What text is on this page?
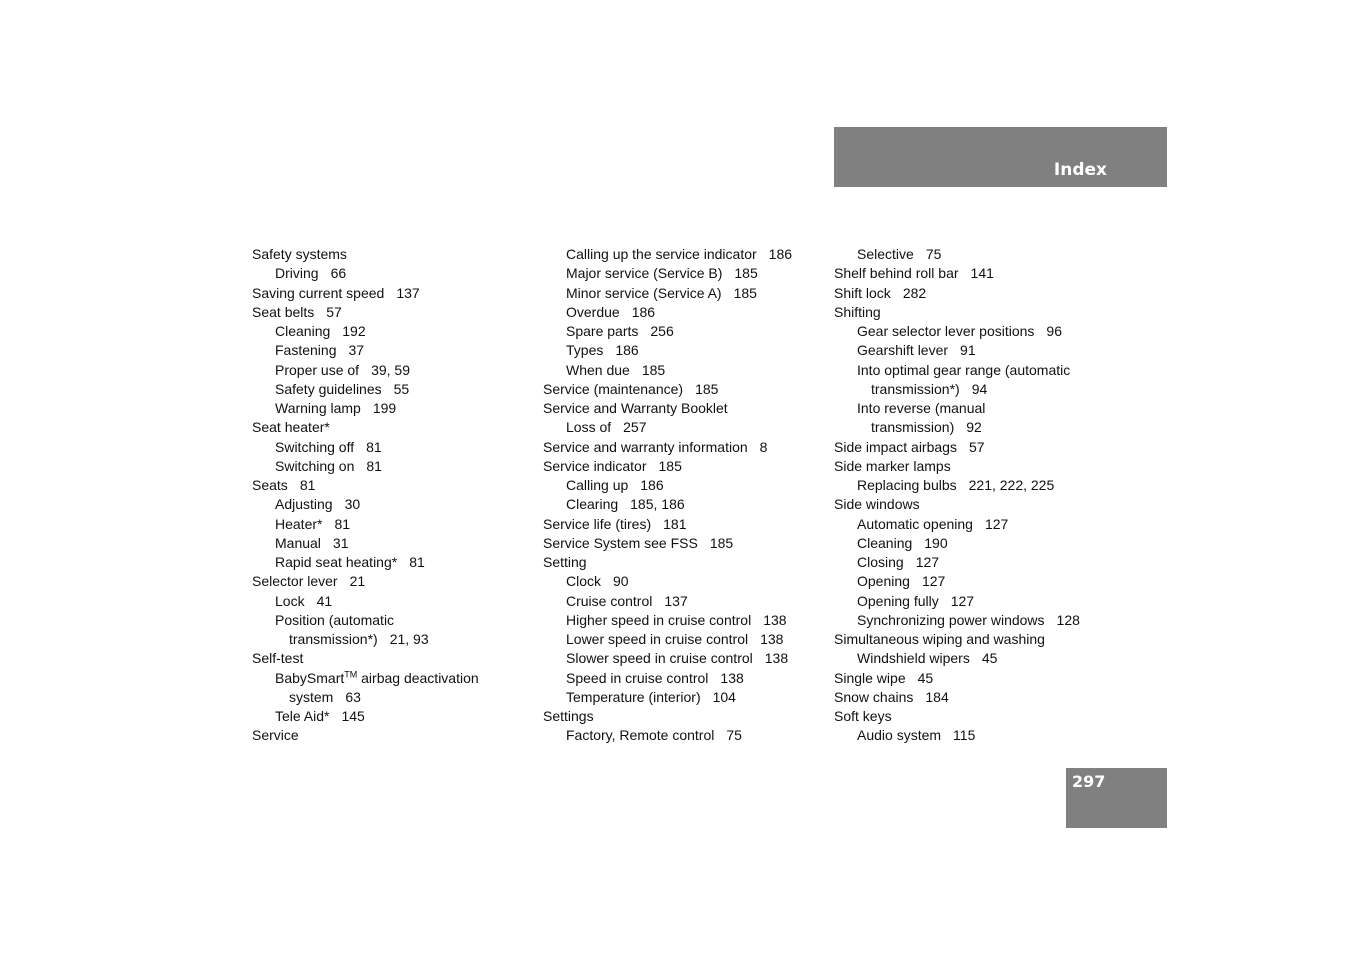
Index
Safety systems
Driving 66
Saving current speed 137
Seat belts 57
Cleaning 192
Fastening 37
Proper use of 39, 59
Safety guidelines 55
Warning lamp 199
Seat heater*
Switching off 81
Switching on 81
Seats 81
Adjusting 30
Heater* 81
Manual 31
Rapid seat heating* 81
Selector lever 21
Lock 41
Position (automatic
transmission*) 21, 93
Self-test
BabySmart™ airbag deactivation
system 63
Tele Aid* 145
Service
Calling up the service indicator 186
Major service (Service B) 185
Minor service (Service A) 185
Overdue 186
Spare parts 256
Types 186
When due 185
Service (maintenance) 185
Service and Warranty Booklet
Loss of 257
Service and warranty information 8
Service indicator 185
Calling up 186
Clearing 185, 186
Service life (tires) 181
Service System see FSS 185
Setting
Clock 90
Cruise control 137
Higher speed in cruise control 138
Lower speed in cruise control 138
Slower speed in cruise control 138
Speed in cruise control 138
Temperature (interior) 104
Settings
Factory, Remote control 75
Selective 75
Shelf behind roll bar 141
Shift lock 282
Shifting
Gear selector lever positions 96
Gearshift lever 91
Into optimal gear range (automatic
transmission*) 94
Into reverse (manual
transmission) 92
Side impact airbags 57
Side marker lamps
Replacing bulbs 221, 222, 225
Side windows
Automatic opening 127
Cleaning 190
Closing 127
Opening 127
Opening fully 127
Synchronizing power windows 128
Simultaneous wiping and washing
Windshield wipers 45
Single wipe 45
Snow chains 184
Soft keys
Audio system 115
297
